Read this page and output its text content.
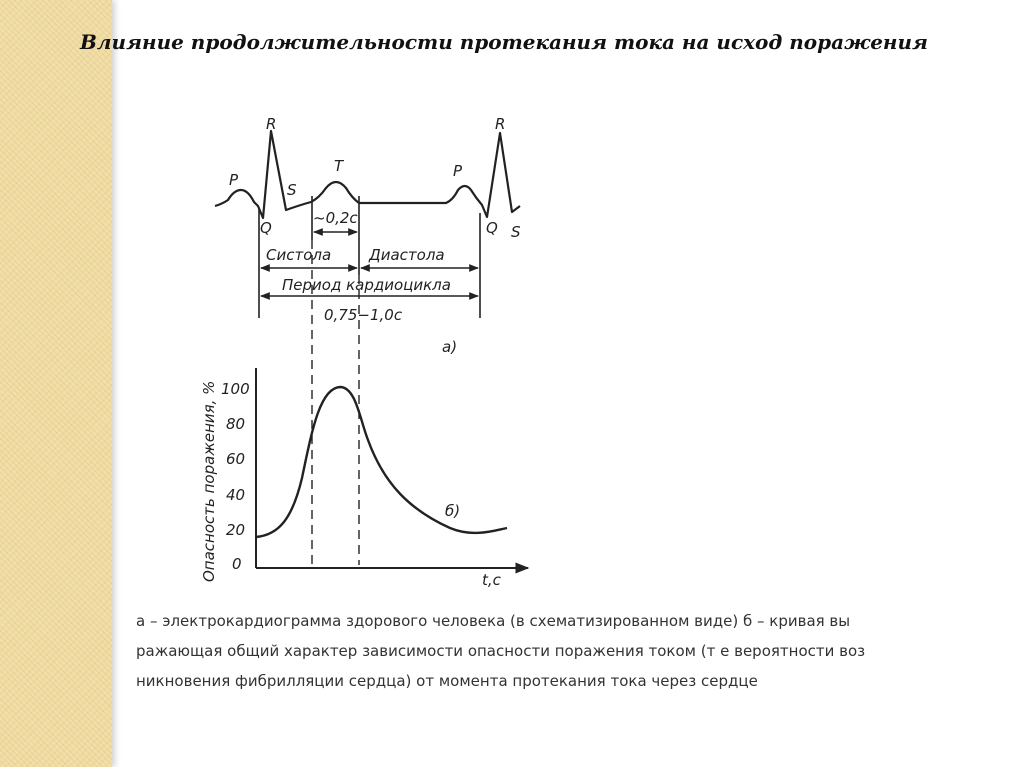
Влияние продолжительности протекания тока на исход поражения
P
R
Q
S
T	P
R
Q S
~0,2с
Систола	Диастола
Период кардиоцикла
0,75−1,0с
а)
0
20
40
60
80
100
Опасность поражения, %	t,с
б)

а – электрокардиограмма здорового человека (в схематизированном виде) б – кривая вы

ражающая общий характер зависимости опасности поражения током (т е вероятности воз

никновения фибрилляции сердца) от момента протекания тока через сердце
